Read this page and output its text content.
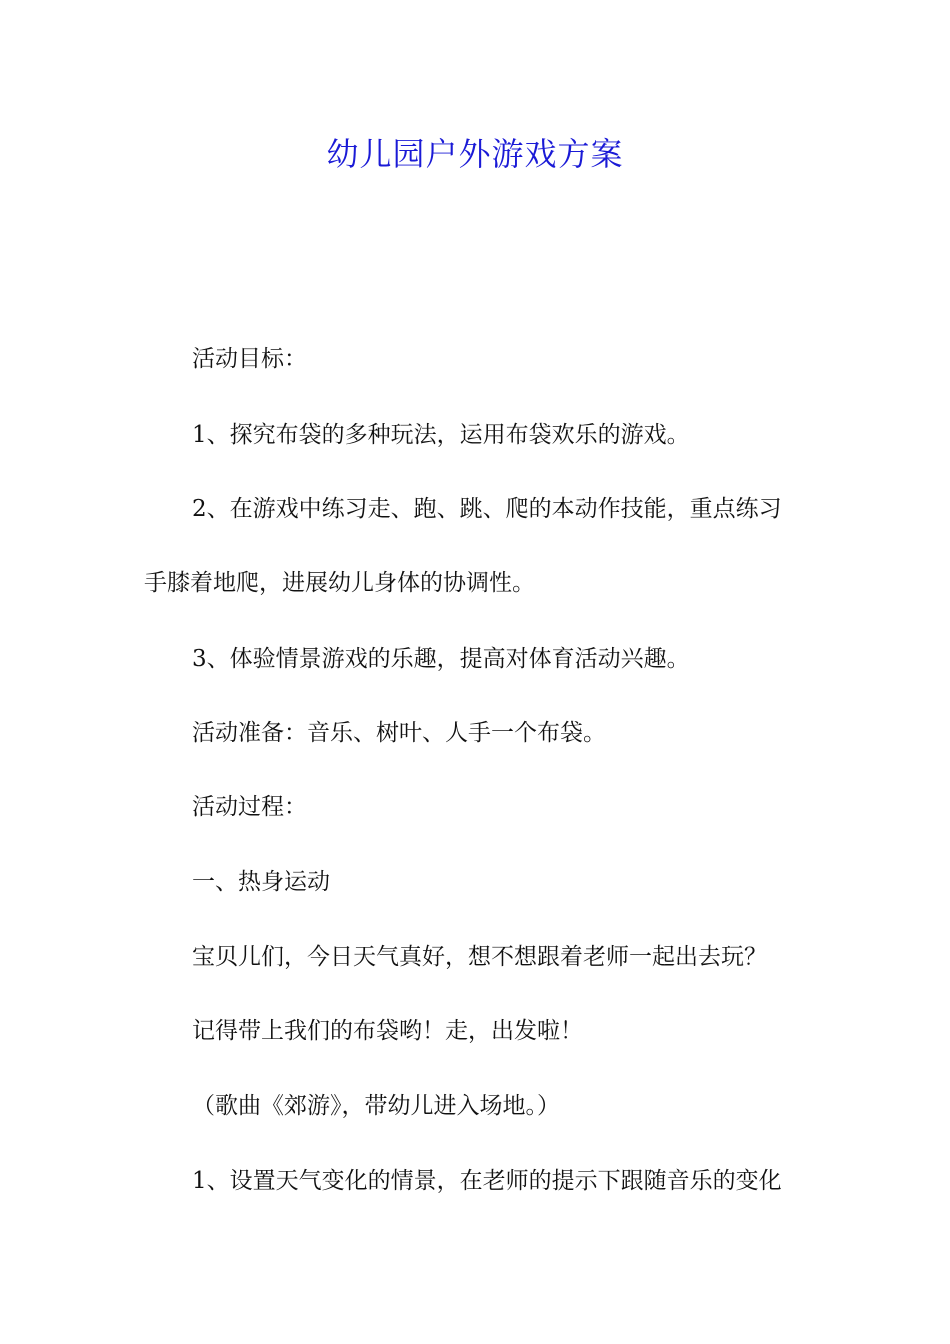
幼儿园户外游戏方案
活动目标：
1、探究布袋的多种玩法，运用布袋欢乐的游戏。
2、在游戏中练习走、跑、跳、爬的本动作技能，重点练习
手膝着地爬，进展幼儿身体的协调性。
3、体验情景游戏的乐趣，提高对体育活动兴趣。
活动准备：音乐、树叶、人手一个布袋。
活动过程：
一、热身运动
宝贝儿们，今日天气真好，想不想跟着老师一起出去玩？
记得带上我们的布袋哟！走，出发啦！
（歌曲《郊游》，带幼儿进入场地。）
1、设置天气变化的情景，在老师的提示下跟随音乐的变化
